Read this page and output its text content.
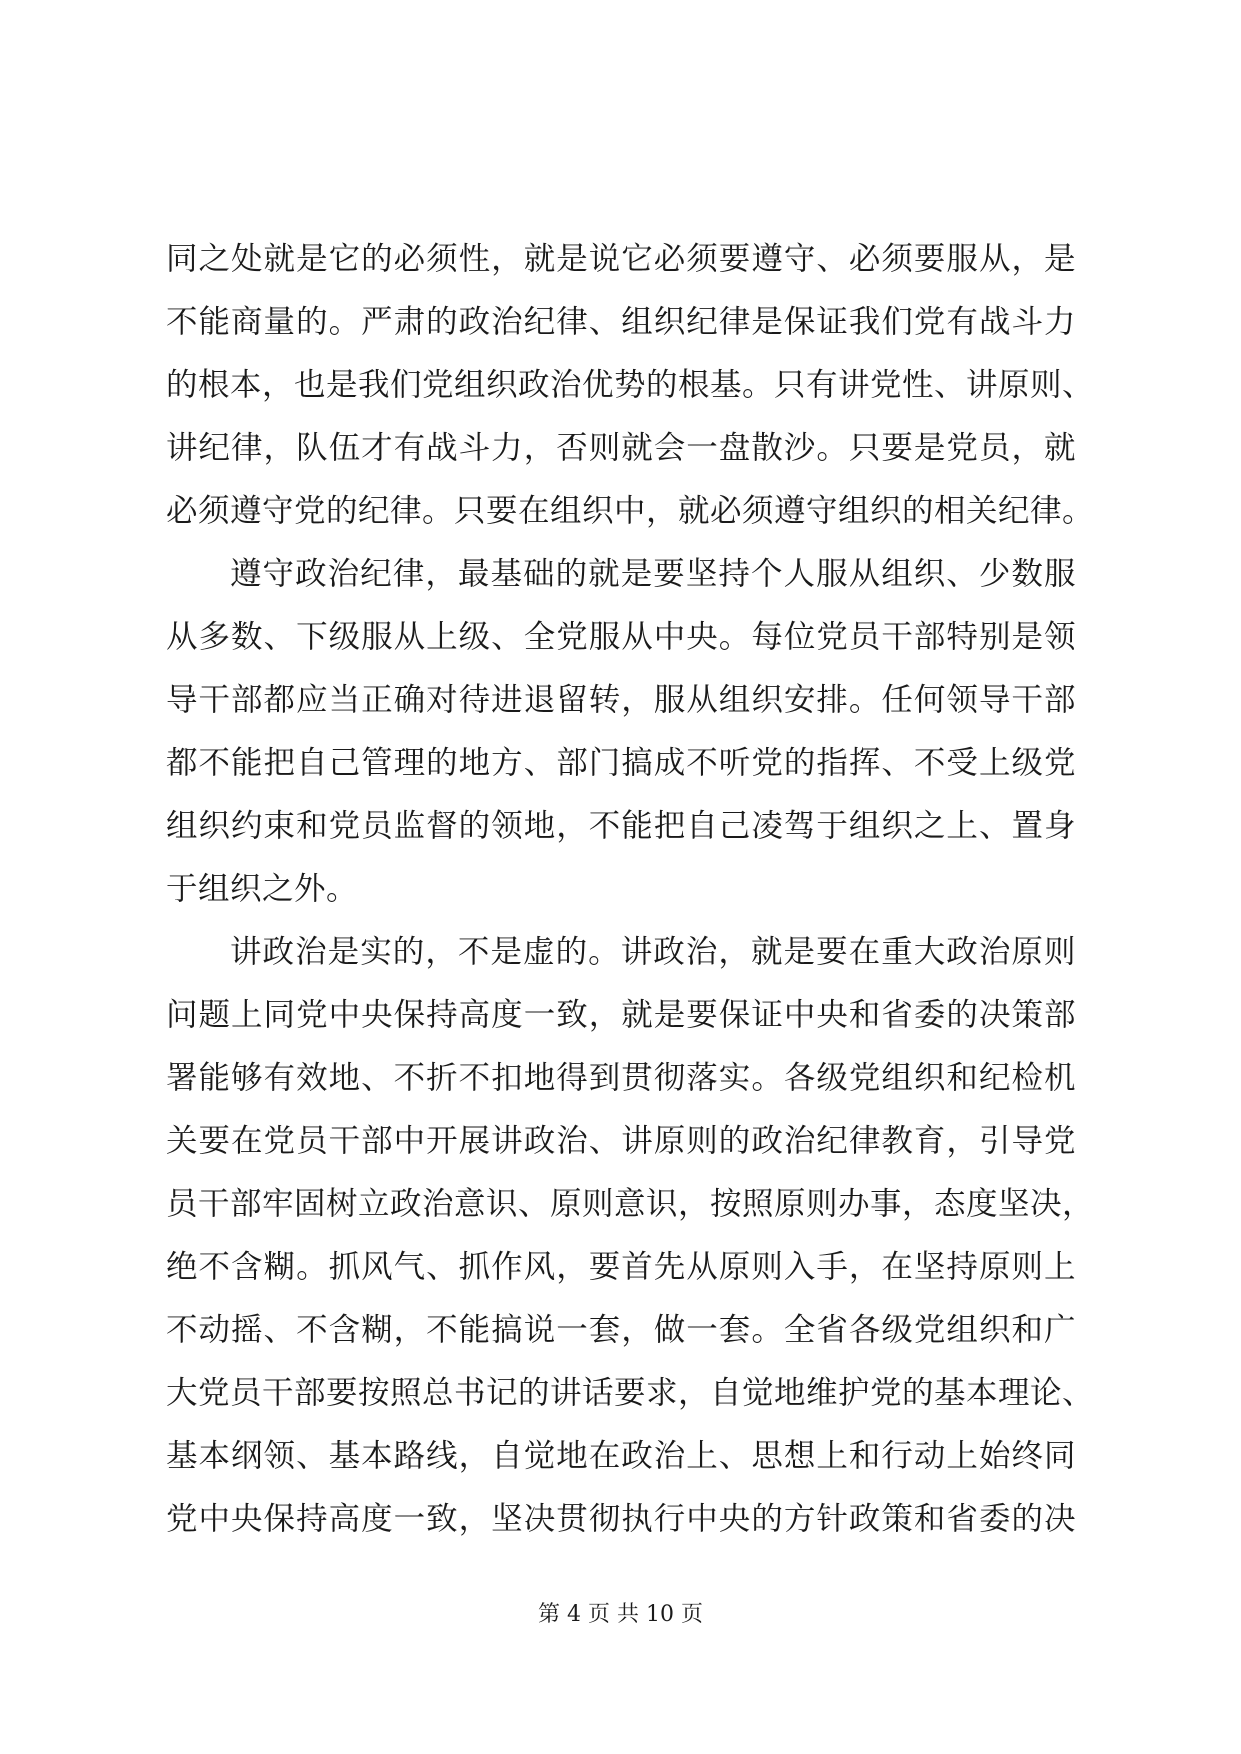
同之处就是它的必须性，就是说它必须要遵守、必须要服从，是
不能商量的。严肃的政治纪律、组织纪律是保证我们党有战斗力
的根本，也是我们党组织政治优势的根基。只有讲党性、讲原则、
讲纪律，队伍才有战斗力，否则就会一盘散沙。只要是党员，就
必须遵守党的纪律。只要在组织中，就必须遵守组织的相关纪律。
遵守政治纪律，最基础的就是要坚持个人服从组织、少数服
从多数、下级服从上级、全党服从中央。每位党员干部特别是领
导干部都应当正确对待进退留转，服从组织安排。任何领导干部
都不能把自己管理的地方、部门搞成不听党的指挥、不受上级党
组织约束和党员监督的领地，不能把自己凌驾于组织之上、置身
于组织之外。
讲政治是实的，不是虚的。讲政治，就是要在重大政治原则
问题上同党中央保持高度一致，就是要保证中央和省委的决策部
署能够有效地、不折不扣地得到贯彻落实。各级党组织和纪检机
关要在党员干部中开展讲政治、讲原则的政治纪律教育，引导党
员干部牢固树立政治意识、原则意识，按照原则办事，态度坚决，
绝不含糊。抓风气、抓作风，要首先从原则入手，在坚持原则上
不动摇、不含糊，不能搞说一套，做一套。全省各级党组织和广
大党员干部要按照总书记的讲话要求，自觉地维护党的基本理论、
基本纲领、基本路线，自觉地在政治上、思想上和行动上始终同
党中央保持高度一致，坚决贯彻执行中央的方针政策和省委的决
第 4 页 共 10 页
